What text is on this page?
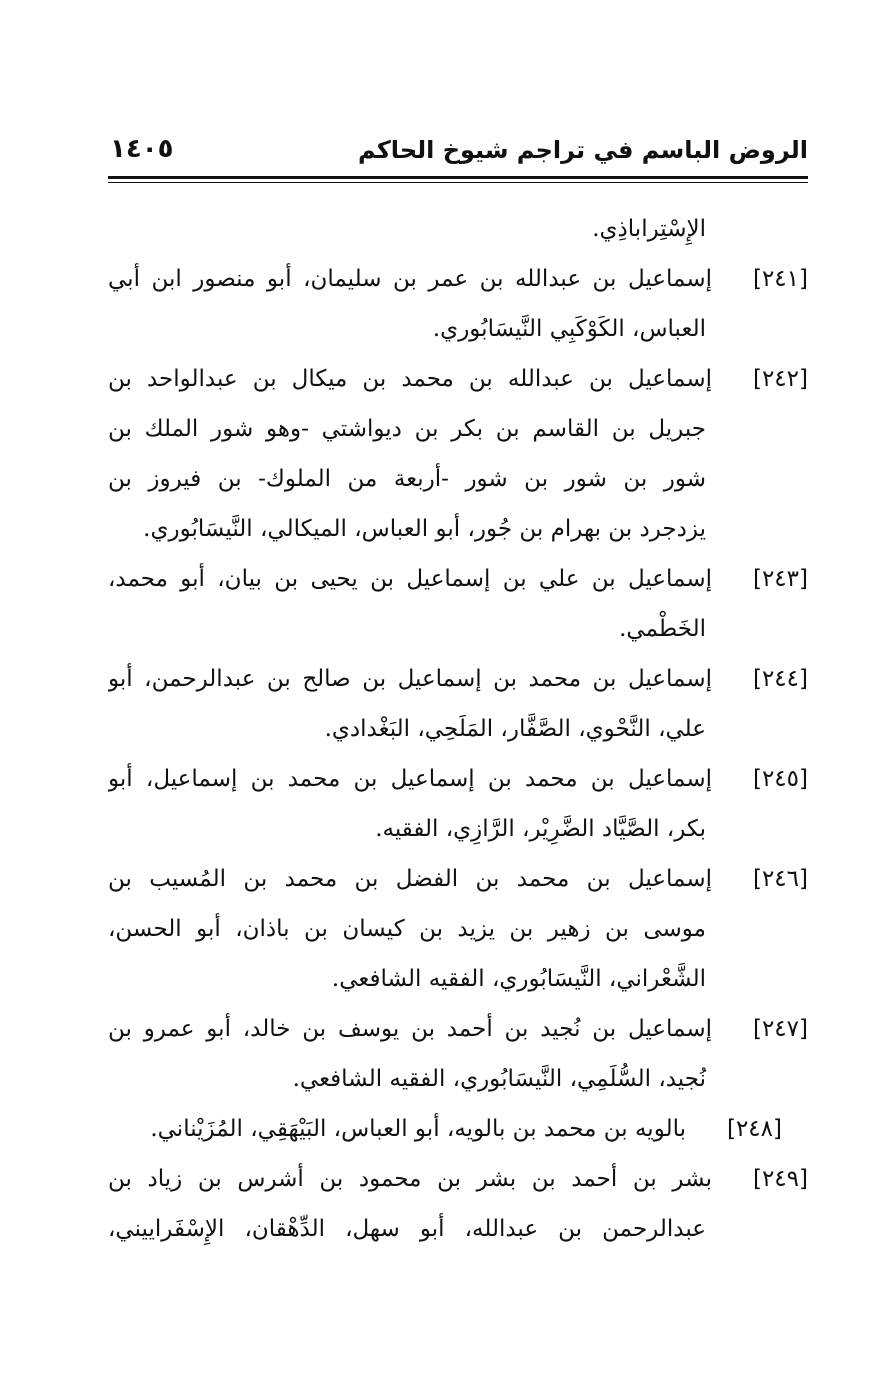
الروض الباسم في تراجم شيوخ الحاكم
١٤٠٥
الإِسْتِراباذِي.
[٢٤١]إسماعيل بن عبدالله بن عمر بن سليمان، أبو منصور ابن أبي
العباس، الكَوْكَبِي النَّيسَابُوري.
[٢٤٢]إسماعيل بن عبدالله بن محمد بن ميكال بن عبدالواحد بن
جبريل بن القاسم بن بكر بن ديواشتي -وهو شور الملك بن
شور بن شور بن شور -أربعة من الملوك- بن فيروز بن
يزدجرد بن بهرام بن جُور، أبو العباس، الميكالي، النَّيسَابُوري.
[٢٤٣]إسماعيل بن علي بن إسماعيل بن يحيى بن بيان، أبو محمد،
الخَطْمي.
[٢٤٤]إسماعيل بن محمد بن إسماعيل بن صالح بن عبدالرحمن، أبو
علي، النَّحْوي، الصَّفَّار، المَلَحِي، البَغْدادي.
[٢٤٥]إسماعيل بن محمد بن إسماعيل بن محمد بن إسماعيل، أبو
بكر، الصَّيَّاد الضَّرِيْر، الرَّازِي، الفقيه.
[٢٤٦]إسماعيل بن محمد بن الفضل بن محمد بن المُسيب بن
موسى بن زهير بن يزيد بن كيسان بن باذان، أبو الحسن،
الشَّعْراني، النَّيسَابُوري، الفقيه الشافعي.
[٢٤٧]إسماعيل بن نُجيد بن أحمد بن يوسف بن خالد، أبو عمرو بن
نُجيد، السُّلَمِي، النَّيسَابُوري، الفقيه الشافعي.
[٢٤٨]بالويه بن محمد بن بالويه، أبو العباس، البَيْهَقِي، المُزَيْناني.
[٢٤٩]بشر بن أحمد بن بشر بن محمود بن أشرس بن زياد بن
عبدالرحمن بن عبدالله، أبو سهل، الدِّهْقان، الإِسْفَراييني،
